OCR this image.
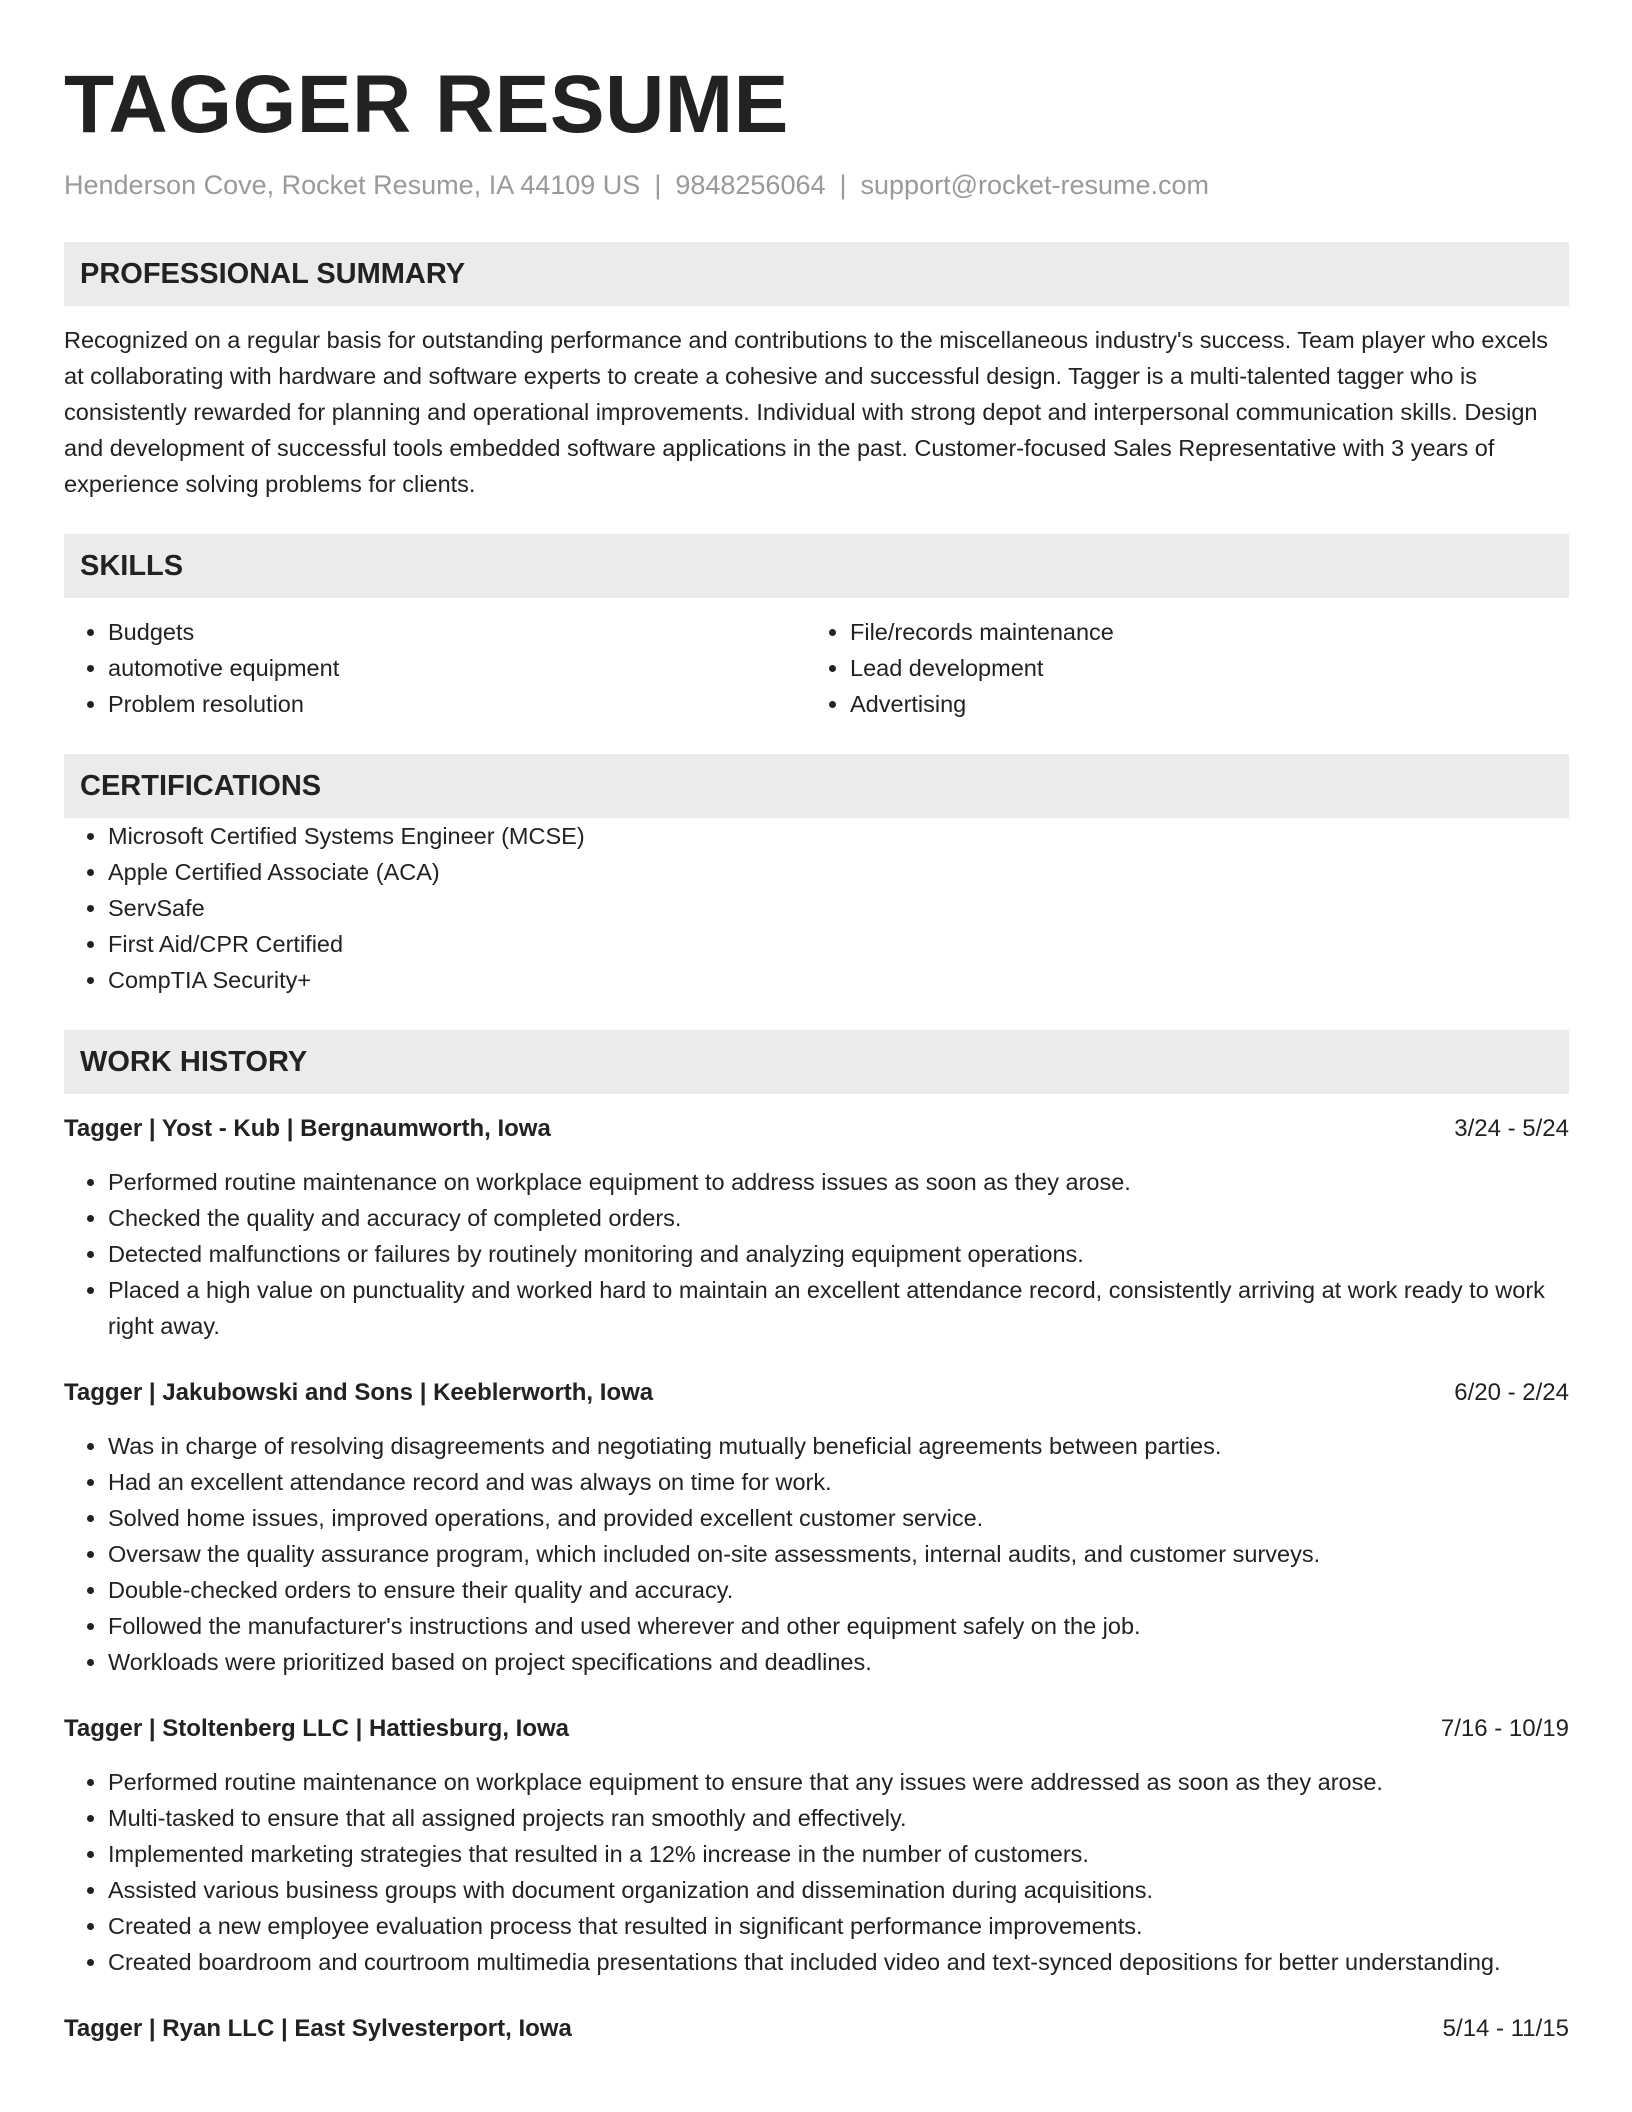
TAGGER RESUME
Henderson Cove, Rocket Resume, IA 44109 US | 9848256064 | support@rocket-resume.com
PROFESSIONAL SUMMARY
Recognized on a regular basis for outstanding performance and contributions to the miscellaneous industry's success. Team player who excels at collaborating with hardware and software experts to create a cohesive and successful design. Tagger is a multi-talented tagger who is consistently rewarded for planning and operational improvements. Individual with strong depot and interpersonal communication skills. Design and development of successful tools embedded software applications in the past. Customer-focused Sales Representative with 3 years of experience solving problems for clients.
SKILLS
• Budgets
• automotive equipment
• Problem resolution
• File/records maintenance
• Lead development
• Advertising
CERTIFICATIONS
• Microsoft Certified Systems Engineer (MCSE)
• Apple Certified Associate (ACA)
• ServSafe
• First Aid/CPR Certified
• CompTIA Security+
WORK HISTORY
Tagger | Yost - Kub | Bergnaumworth, Iowa	3/24 - 5/24
• Performed routine maintenance on workplace equipment to address issues as soon as they arose.
• Checked the quality and accuracy of completed orders.
• Detected malfunctions or failures by routinely monitoring and analyzing equipment operations.
• Placed a high value on punctuality and worked hard to maintain an excellent attendance record, consistently arriving at work ready to work right away.
Tagger | Jakubowski and Sons | Keeblerworth, Iowa	6/20 - 2/24
• Was in charge of resolving disagreements and negotiating mutually beneficial agreements between parties.
• Had an excellent attendance record and was always on time for work.
• Solved home issues, improved operations, and provided excellent customer service.
• Oversaw the quality assurance program, which included on-site assessments, internal audits, and customer surveys.
• Double-checked orders to ensure their quality and accuracy.
• Followed the manufacturer's instructions and used wherever and other equipment safely on the job.
• Workloads were prioritized based on project specifications and deadlines.
Tagger | Stoltenberg LLC | Hattiesburg, Iowa	7/16 - 10/19
• Performed routine maintenance on workplace equipment to ensure that any issues were addressed as soon as they arose.
• Multi-tasked to ensure that all assigned projects ran smoothly and effectively.
• Implemented marketing strategies that resulted in a 12% increase in the number of customers.
• Assisted various business groups with document organization and dissemination during acquisitions.
• Created a new employee evaluation process that resulted in significant performance improvements.
• Created boardroom and courtroom multimedia presentations that included video and text-synced depositions for better understanding.
Tagger | Ryan LLC | East Sylvesterport, Iowa	5/14 - 11/15
